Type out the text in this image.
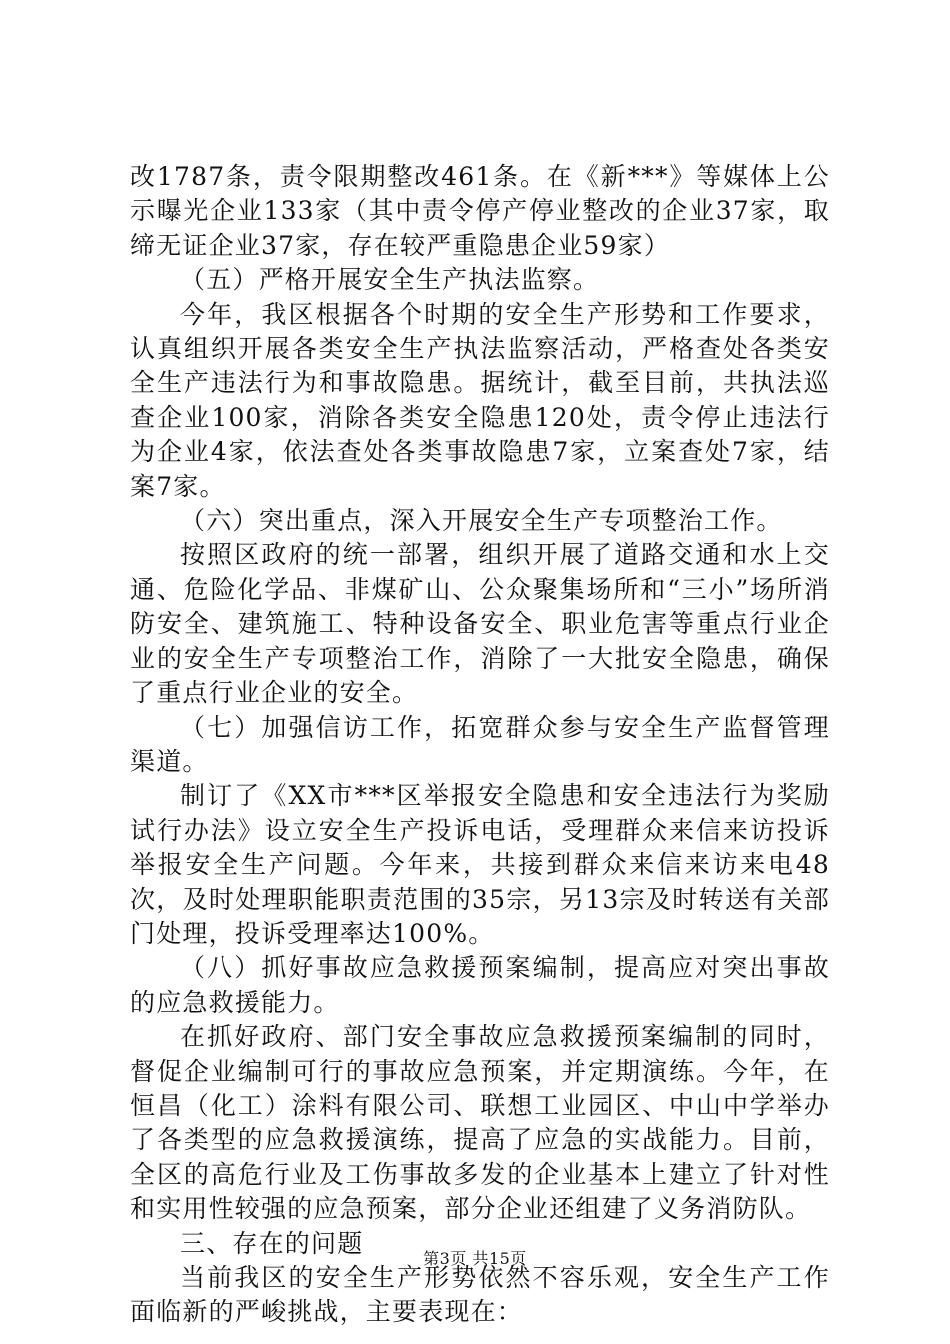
改1787条，责令限期整改461条。在《新***》等媒体上公示曝光企业133家（其中责令停产停业整改的企业37家，取缔无证企业37家，存在较严重隐患企业59家）

（五）严格开展安全生产执法监察。

今年，我区根据各个时期的安全生产形势和工作要求，认真组织开展各类安全生产执法监察活动，严格查处各类安全生产违法行为和事故隐患。据统计，截至目前，共执法巡查企业100家，消除各类安全隐患120处，责令停止违法行为企业4家，依法查处各类事故隐患7家，立案查处7家，结案7家。

（六）突出重点，深入开展安全生产专项整治工作。

按照区政府的统一部署，组织开展了道路交通和水上交通、危险化学品、非煤矿山、公众聚集场所和“三小”场所消防安全、建筑施工、特种设备安全、职业危害等重点行业企业的安全生产专项整治工作，消除了一大批安全隐患，确保了重点行业企业的安全。

（七）加强信访工作，拓宽群众参与安全生产监督管理渠道。

制订了《XX市***区举报安全隐患和安全违法行为奖励试行办法》设立安全生产投诉电话，受理群众来信来访投诉举报安全生产问题。今年来，共接到群众来信来访来电48次，及时处理职能职责范围的35宗，另13宗及时转送有关部门处理，投诉受理率达100%。

（八）抓好事故应急救援预案编制，提高应对突出事故的应急救援能力。

在抓好政府、部门安全事故应急救援预案编制的同时，督促企业编制可行的事故应急预案，并定期演练。今年，在恒昌（化工）涂料有限公司、联想工业园区、中山中学举办了各类型的应急救援演练，提高了应急的实战能力。目前，全区的高危行业及工伤事故多发的企业基本上建立了针对性和实用性较强的应急预案，部分企业还组建了义务消防队。

三、存在的问题

当前我区的安全生产形势依然不容乐观，安全生产工作面临新的严峻挑战，主要表现在：

第3页 共15页
